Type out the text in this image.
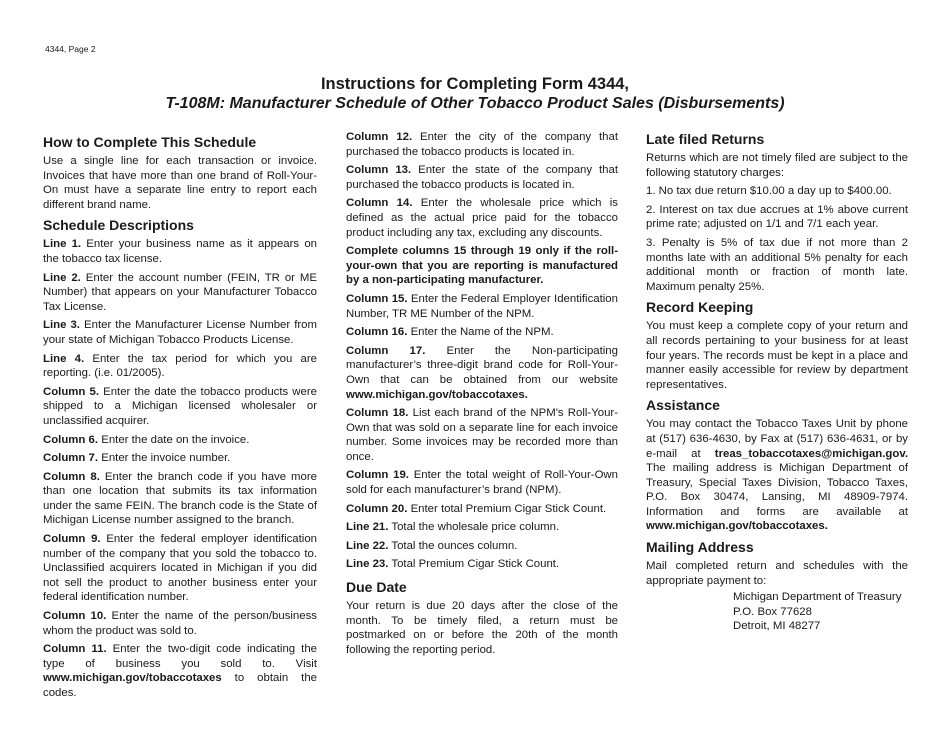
4344, Page 2
Instructions for Completing Form 4344,
T-108M: Manufacturer Schedule of Other Tobacco Product Sales (Disbursements)
How to Complete This Schedule

Use a single line for each transaction or invoice. Invoices that have more than one brand of Roll-Your-On must have a separate line entry to report each different brand name.

Schedule Descriptions

Line 1. Enter your business name as it appears on the tobacco tax license.

Line 2. Enter the account number (FEIN, TR or ME Number) that appears on your Manufacturer Tobacco Tax License.

Line 3. Enter the Manufacturer License Number from your state of Michigan Tobacco Products License.

Line 4. Enter the tax period for which you are reporting. (i.e. 01/2005).

Column 5. Enter the date the tobacco products were shipped to a Michigan licensed wholesaler or unclassified acquirer.

Column 6. Enter the date on the invoice.

Column 7. Enter the invoice number.

Column 8. Enter the branch code if you have more than one location that submits its tax information under the same FEIN. The branch code is the State of Michigan License number assigned to the branch.

Column 9. Enter the federal employer identification number of the company that you sold the tobacco to. Unclassified acquirers located in Michigan if you did not sell the product to another business enter your federal identification number.

Column 10. Enter the name of the person/business whom the product was sold to.

Column 11. Enter the two-digit code indicating the type of business you sold to. Visit www.michigan.gov/tobaccotaxes to obtain the codes.

Column 12. Enter the city of the company that purchased the tobacco products is located in.

Column 13. Enter the state of the company that purchased the tobacco products is located in.

Column 14. Enter the wholesale price which is defined as the actual price paid for the tobacco product including any tax, excluding any discounts.

Complete columns 15 through 19 only if the roll-your-own that you are reporting is manufactured by a non-participating manufacturer.

Column 15. Enter the Federal Employer Identification Number, TR ME Number of the NPM.

Column 16. Enter the Name of the NPM.

Column 17. Enter the Non-participating manufacturer’s three-digit brand code for Roll-Your-Own that can be obtained from our website www.michigan.gov/tobaccotaxes.

Column 18. List each brand of the NPM's Roll-Your-Own that was sold on a separate line for each invoice number. Some invoices may be recorded more than once.

Column 19. Enter the total weight of Roll-Your-Own sold for each manufacturer’s brand (NPM).

Column 20. Enter total Premium Cigar Stick Count.

Line 21. Total the wholesale price column.

Line 22. Total the ounces column.

Line 23. Total Premium Cigar Stick Count.

Due Date

Your return is due 20 days after the close of the month. To be timely filed, a return must be postmarked on or before the 20th of the month following the reporting period.

Late filed Returns

Returns which are not timely filed are subject to the following statutory charges:

1. No tax due return $10.00 a day up to $400.00.

2. Interest on tax due accrues at 1% above current prime rate; adjusted on 1/1 and 7/1 each year.

3. Penalty is 5% of tax due if not more than 2 months late with an additional 5% penalty for each additional month or fraction of month late. Maximum penalty 25%.

Record Keeping

You must keep a complete copy of your return and all records pertaining to your business for at least four years. The records must be kept in a place and manner easily accessible for review by department representatives.

Assistance

You may contact the Tobacco Taxes Unit by phone at (517) 636-4630, by Fax at (517) 636-4631, or by e-mail at treas_tobaccotaxes@michigan.gov. The mailing address is Michigan Department of Treasury, Special Taxes Division, Tobacco Taxes, P.O. Box 30474, Lansing, MI 48909-7974. Information and forms are available at www.michigan.gov/tobaccotaxes.

Mailing Address

Mail completed return and schedules with the appropriate payment to:

Michigan Department of Treasury
P.O. Box 77628
Detroit, MI 48277
